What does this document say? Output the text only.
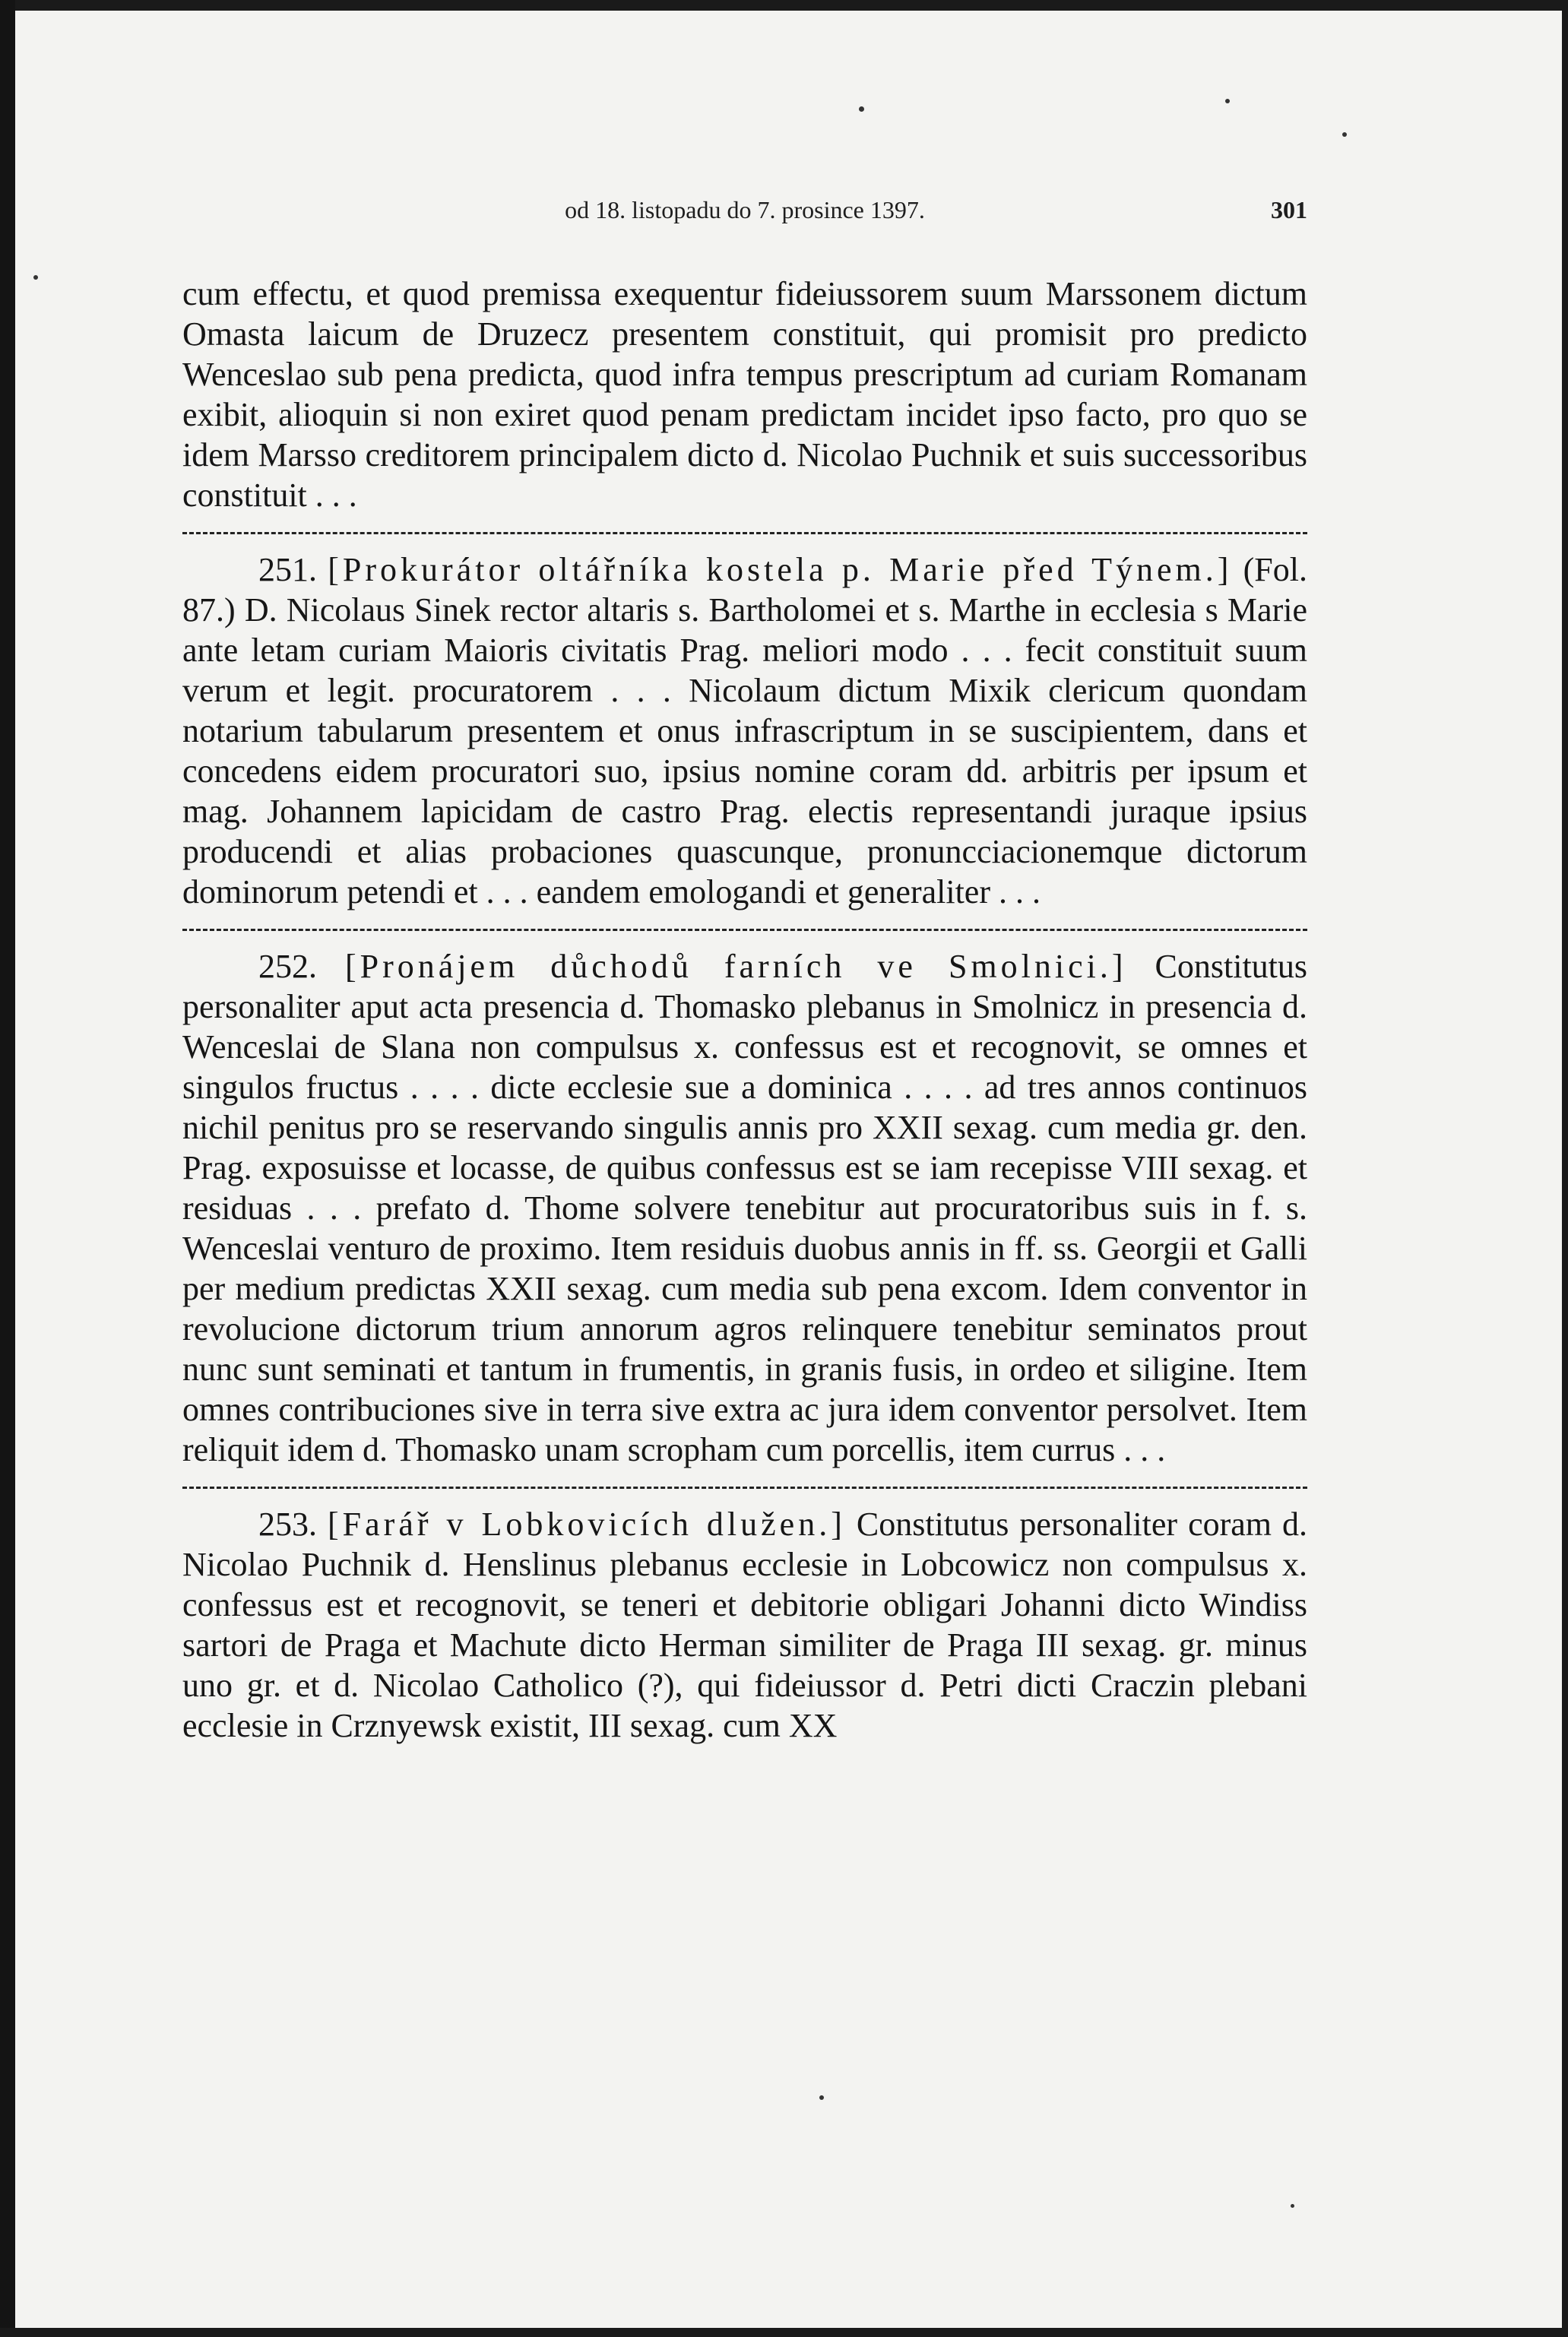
od 18. listopadu do 7. prosince 1397.	301

cum effectu, et quod premissa exequentur fideiussorem suum Marssonem dictum Omasta laicum de Druzecz presentem constituit, qui promisit pro predicto Wenceslao sub pena predicta, quod infra tempus prescriptum ad curiam Romanam exibit, alioquin si non exiret quod penam predictam incidet ipso facto, pro quo se idem Marsso creditorem principalem dicto d. Nicolao Puchnik et suis successoribus constituit . . .

251. [Prokurátor oltářníka kostela p. Marie před Týnem.] (Fol. 87.) D. Nicolaus Sinek rector altaris s. Bartholomei et s. Marthe in ecclesia s Marie ante letam curiam Maioris civitatis Prag. meliori modo . . . fecit constituit suum verum et legit. procuratorem . . . Nicolaum dictum Mixik clericum quondam notarium tabularum presentem et onus infrascriptum in se suscipientem, dans et concedens eidem procuratori suo, ipsius nomine coram dd. arbitris per ipsum et mag. Johannem lapicidam de castro Prag. electis representandi juraque ipsius producendi et alias probaciones quascunque, pronuncciacionemque dictorum dominorum petendi et . . . eandem emologandi et generaliter . . .

252. [Pronájem důchodů farních ve Smolnici.] Constitutus personaliter aput acta presencia d. Thomasko plebanus in Smolnicz in presencia d. Wenceslai de Slana non compulsus x. confessus est et recognovit, se omnes et singulos fructus . . . . dicte ecclesie sue a dominica . . . . ad tres annos continuos nichil penitus pro se reservando singulis annis pro XXII sexag. cum media gr. den. Prag. exposuisse et locasse, de quibus confessus est se iam recepisse VIII sexag. et residuas . . . prefato d. Thome solvere tenebitur aut procuratoribus suis in f. s. Wenceslai venturo de proximo. Item residuis duobus annis in ff. ss. Georgii et Galli per medium predictas XXII sexag. cum media sub pena excom. Idem conventor in revolucione dictorum trium annorum agros relinquere tenebitur seminatos prout nunc sunt seminati et tantum in frumentis, in granis fusis, in ordeo et siligine. Item omnes contribuciones sive in terra sive extra ac jura idem conventor persolvet. Item reliquit idem d. Thomasko unam scropham cum porcellis, item currus . . .

253. [Farář v Lobkovicích dlužen.] Constitutus personaliter coram d. Nicolao Puchnik d. Henslinus plebanus ecclesie in Lobcowicz non compulsus x. confessus est et recognovit, se teneri et debitorie obligari Johanni dicto Windiss sartori de Praga et Machute dicto Herman similiter de Praga III sexag. gr. minus uno gr. et d. Nicolao Catholico (?), qui fideiussor d. Petri dicti Craczin plebani ecclesie in Crznyewsk existit, III sexag. cum XX
